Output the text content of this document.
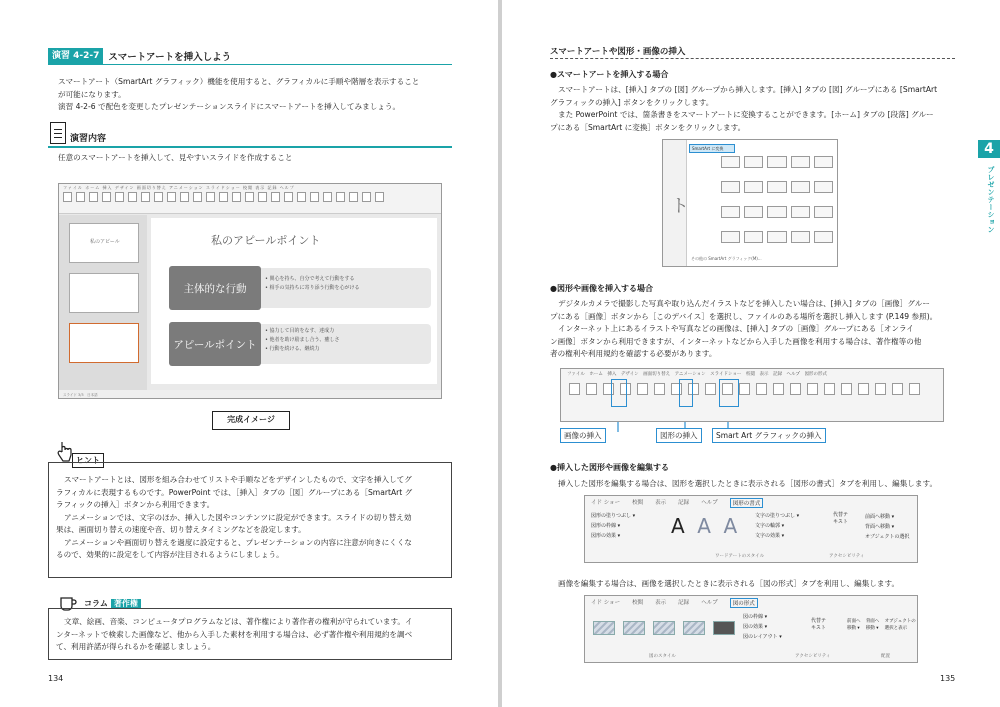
演習 4-2-7 スマートアートを挿入しよう
スマートアート（SmartArt グラフィック）機能を使用すると、グラフィカルに手順や階層を表示すること
が可能になります。
演習 4-2-6 で配色を変更したプレゼンテーションスライドにスマートアートを挿入してみましょう。
演習内容
任意のスマートアートを挿入して、見やすいスライドを作成すること
ファイル ホーム 挿入 デザイン 画面切り替え アニメーション スライドショー 校閲 表示 記録 ヘルプ
私のアピール	私のアピールポイント
主体的な行動
• 関心を持ち、自分で考えて行動をする
• 相手の気持ちに寄り添う行動を心がける
アピールポイント
• 協力して目的をなす、達成力
• 他者を助け励まし合う、癒しさ
• 行動を続ける、継続力
スライド 3/3　日本語
完成イメージ
ヒント
スマートアートとは、図形を組み合わせてリストや手順などをデザインしたもので、文字を挿入してグ
ラフィカルに表現するものです。PowerPoint では、［挿入］タブの［図］グループにある［SmartArt グ
ラフィックの挿入］ボタンから利用できます。
アニメーションでは、文字のほか、挿入した図やコンテンツに設定ができます。スライドの切り替え効
果は、画面切り替えの速度や音、切り替えタイミングなどを設定します。
アニメーションや画面切り替えを過度に設定すると、プレゼンテーションの内容に注意が向きにくくな
るので、効果的に設定をして内容が注目されるようにしましょう。
コラム 著作権
文章、絵画、音楽、コンピュータプログラムなどは、著作権により著作者の権利が守られています。イ
ンターネットで検索した画像など、他から入手した素材を利用する場合は、必ず著作権や利用規約を調べ
て、利用許諾が得られるかを確認しましょう。
134
スマートアートや図形・画像の挿入
●スマートアートを挿入する場合
スマートアートは、[挿入] タブの [図] グループから挿入します。[挿入] タブの [図] グループにある [SmartArt
グラフィックの挿入] ボタンをクリックします。
また PowerPoint では、箇条書きをスマートアートに変換することができます。[ホーム] タブの [段落] グルー
プにある［SmartArt に変換］ボタンをクリックします。
ト
SmartArt に変換
その他の SmartArt グラフィック(M)...
●図形や画像を挿入する場合
デジタルカメラで撮影した写真や取り込んだイラストなどを挿入したい場合は、[挿入] タブの［画像］グルー
プにある［画像］ボタンから［このデバイス］を選択し、ファイルのある場所を選択し挿入します (P.149 参照)。
インターネット上にあるイラストや写真などの画像は、[挿入] タブの［画像］グループにある［オンライ
ン画像］ボタンから利用できますが、インターネットなどから入手した画像を利用する場合は、著作権等の他
者の権利や利用規約を確認する必要があります。
ファイル　ホーム　挿入　デザイン　画面切り替え　アニメーション　スライドショー　校閲　表示　記録　ヘルプ　図形の形式
画像の挿入	図形の挿入	Smart Art グラフィックの挿入
●挿入した図形や画像を編集する
挿入した図形を編集する場合は、図形を選択したときに表示される［図形の書式］タブを利用し、編集します。
イド ショー 校閲 表示 記録 ヘルプ	図形の書式
図形の塗りつぶし ▾
図形の枠線 ▾
図形の効果 ▾	AAA 文字の塗りつぶし ▾
文字の輪郭 ▾
文字の効果 ▾
代替テキスト
前面へ移動 ▾
背面へ移動 ▾
オブジェクトの選択
ワードアートのスタイル	アクセシビリティ
画像を編集する場合は、画像を選択したときに表示される［図の形式］タブを利用し、編集します。
イド ショー 校閲 表示 記録 ヘルプ	図の形式
図の枠線 ▾
図の効果 ▾
図のレイアウト ▾
代替テキスト
前面へ移動 ▾
背面へ移動 ▾
オブジェクトの選択と表示
図のスタイル	アクセシビリティ	配置
4
プレゼンテーション
135
